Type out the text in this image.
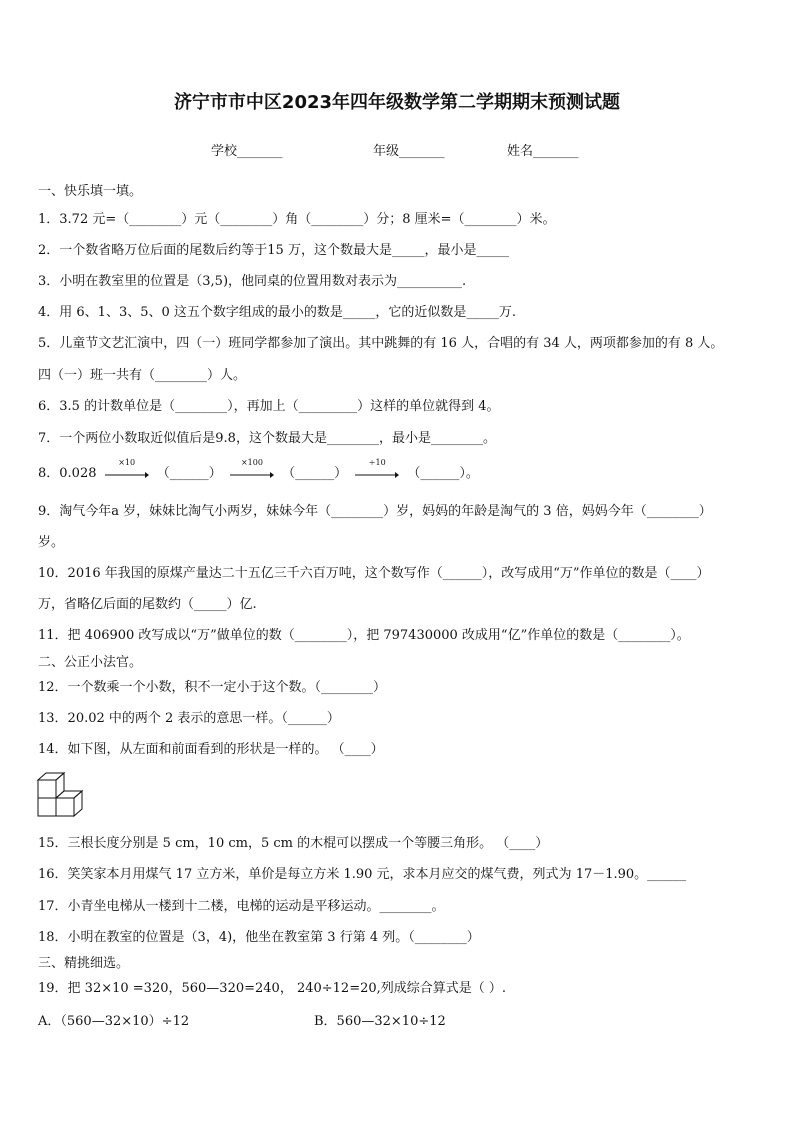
济宁市市中区2023年四年级数学第二学期期末预测试题
学校_______	年级_______	姓名_______
一、快乐填一填。
1．3.72 元=（________）元（________）角（________）分；8 厘米=（________）米。
2．一个数省略万位后面的尾数后约等于15 万，这个数最大是_____，最小是_____
3．小明在教室里的位置是（3,5)，他同桌的位置用数对表示为__________.
4．用 6、1、3、5、0 这五个数字组成的最小的数是_____，它的近似数是_____万.
5．儿童节文艺汇演中，四（一）班同学都参加了演出。其中跳舞的有 16 人，合唱的有 34 人，两项都参加的有 8 人。
四（一）班一共有（________）人。
6．3.5 的计数单位是（________），再加上（_________）这样的单位就得到 4。
7．一个两位小数取近似值后是9.8，这个数最大是________，最小是________。
8．0.028
×10
（______）
×100
（______）
÷10
（______）。
9．淘气今年a 岁，妹妹比淘气小两岁，妹妹今年（________）岁，妈妈的年龄是淘气的 3 倍，妈妈今年（________）
岁。
10．2016 年我国的原煤产量达二十五亿三千六百万吨，这个数写作（______），改写成用“万”作单位的数是（____）
万，省略亿后面的尾数约（_____）亿.
11．把 406900 改写成以“万”做单位的数（________），把 797430000 改成用“亿”作单位的数是（________）。
二、公正小法官。
12．一个数乘一个小数，积不一定小于这个数。（________）
13．20.02 中的两个 2 表示的意思一样。（______）
14．如下图，从左面和前面看到的形状是一样的。 （____）
15．三根长度分别是 5 cm，10 cm，5 cm 的木棍可以摆成一个等腰三角形。 （____）
16．笑笑家本月用煤气 17 立方米，单价是每立方米 1.90 元，求本月应交的煤气费，列式为 17－1.90。______
17．小青坐电梯从一楼到十二楼，电梯的运动是平移运动。________。
18．小明在教室的位置是（3，4)，他坐在教室第 3 行第 4 列。（________）
三、精挑细选。
19．把 32×10 =320，560—320=240， 240÷12=20,列成综合算式是（ ）.
A．（560—32×10）÷12	B．560—32×10÷12
